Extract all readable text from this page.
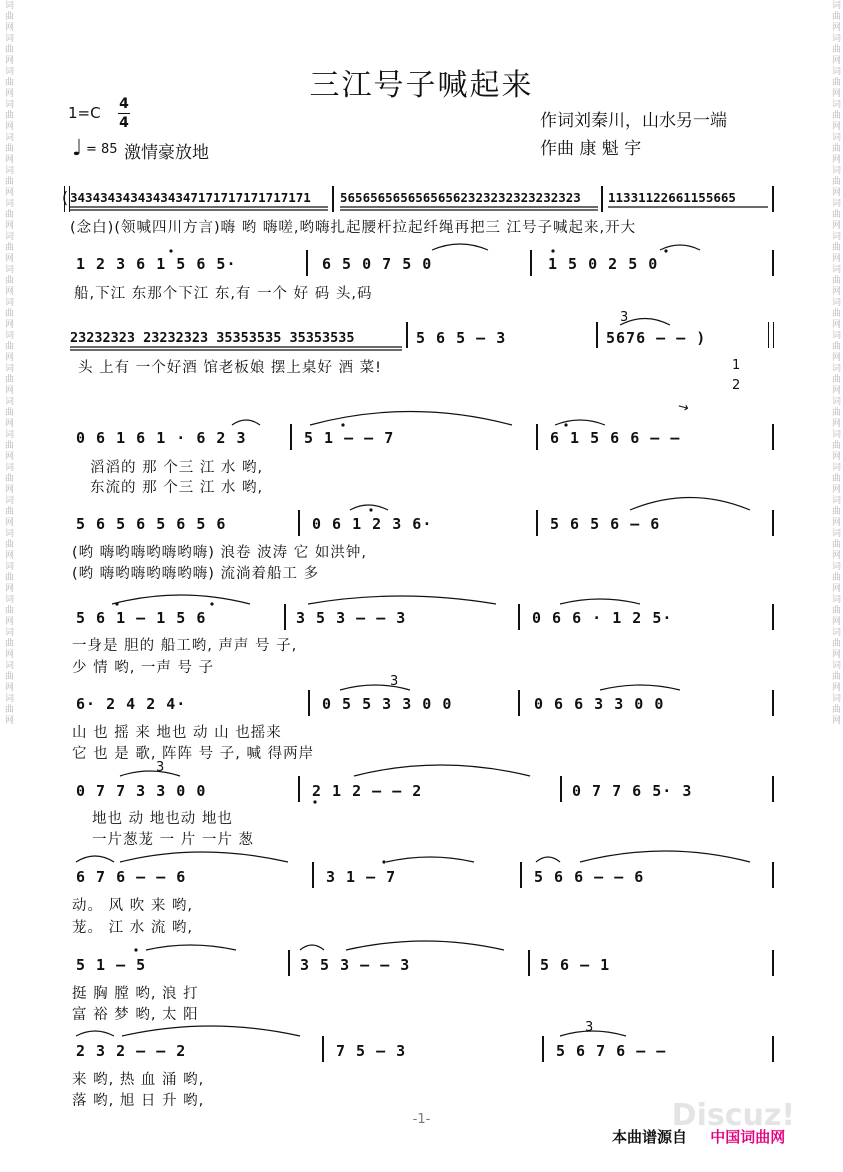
词曲网词曲网词曲网词曲网词曲网词曲网词曲网词曲网词曲网词曲网词曲网词曲网词曲网词曲网词曲网词曲网词曲网词曲网词曲网词曲网词曲网词曲网	词曲网词曲网词曲网词曲网词曲网词曲网词曲网词曲网词曲网词曲网词曲网词曲网词曲网词曲网词曲网词曲网词曲网词曲网词曲网词曲网词曲网词曲网
三江号子喊起来
1=C 4
4
♩ = 85 激情豪放地
作词刘秦川，山水另一端
作曲 康 魁 宇
( 34343434343434347171717171717171 56565656565656562323232323232323 11331122661155665
(念白)(领喊四川方言)嗨 哟 嗨嗟,哟嗨扎起腰杆拉起纤绳再把三 江号子喊起来,开大
1 2 3 6 1 5 6 5·	6 5 0 7 5 0	1 5 0 2 5 0
船,下江 东那个下江 东,有 一个 好 码 头,码
23232323 23232323 35353535 35353535	5 6 5 – 3	5676 – – )
头 上有 一个好酒 馆老板娘 摆上桌好 酒 菜!	1
2
↘
0 6 1 6 1 · 6 2 3	5 1 – – 7	6 1 5 6 6 – –
滔滔的 那 个三 江 水 哟,
东流的 那 个三 江 水 哟,
5 6 5 6 5 6 5 6	0 6 1 2 3 6·	5 6 5 6 – 6
(哟 嗨哟嗨哟嗨哟嗨) 浪卷 波涛 它 如洪钟,
(哟 嗨哟嗨哟嗨哟嗨) 流淌着船工 多
5 6 1 – 1 5 6	3 5 3 – – 3	0 6 6 · 1 2 5·
一身是 胆的 船工哟, 声声 号 子,
少 情 哟, 一声 号 子
6· 2 4 2 4·	0 5 5 3 3 0 0	0 6 6 3 3 0 0
山 也 摇 来 地也 动 山 也摇来
它 也 是 歌, 阵阵 号 子, 喊 得两岸
0 7 7 3 3 0 0	2 1 2 – – 2	0 7 7 6 5· 3
地也 动 地也动 地也
一片葱茏 一 片 一片 葱
6 7 6 – – 6	3 1 – 7	5 6 6 – – 6
动。 风 吹 来 哟,
茏。 江 水 流 哟,
5 1 – 5	3 5 3 – – 3	5 6 – 1
挺 胸 膛 哟, 浪 打
富 裕 梦 哟, 太 阳
2 3 2 – – 2	7 5 – 3	5 6 7 6 – –
来 哟, 热 血 涌 哟,
落 哟, 旭 日 升 哟,
3
3
3
3
-1-	Discuz!
本曲谱源自 中国词曲网
